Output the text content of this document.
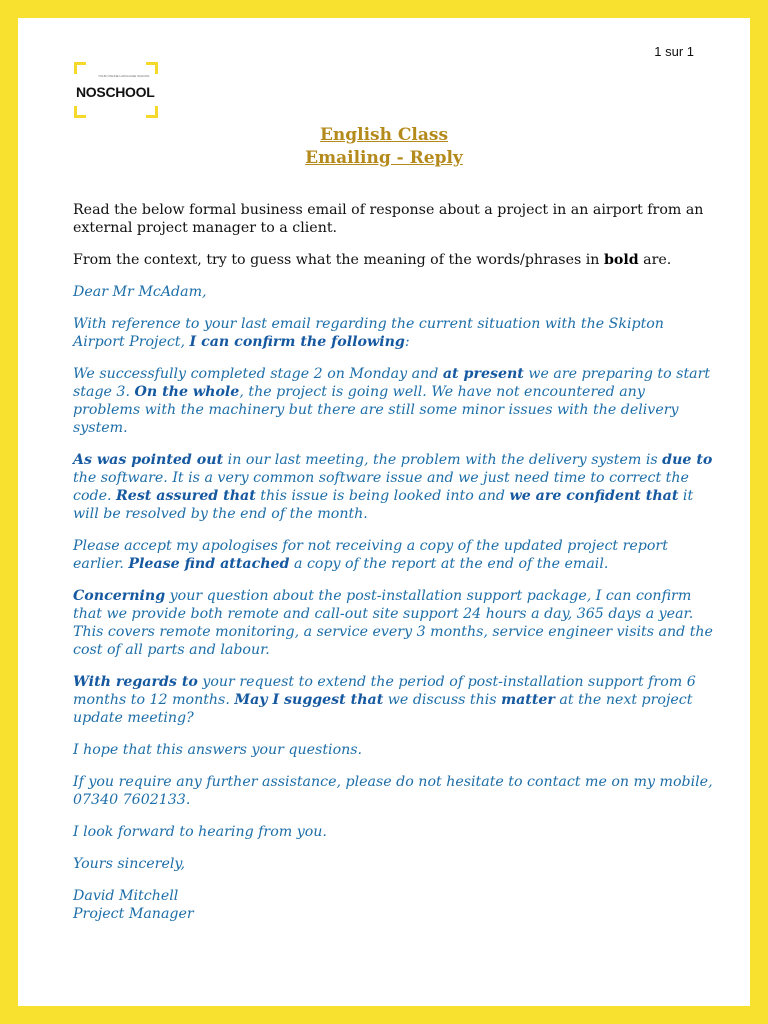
1 sur 1
YOUR ONLINE LANGUAGE SCHOOL
NOSCHOOL
English Class
Emailing - Reply

Read the below formal business email of response about a project in an airport from an external project manager to a client.

From the context, try to guess what the meaning of the words/phrases in bold are.

Dear Mr McAdam,

With reference to your last email regarding the current situation with the Skipton Airport Project, I can confirm the following:

We successfully completed stage 2 on Monday and at present we are preparing to start stage 3. On the whole, the project is going well. We have not encountered any problems with the machinery but there are still some minor issues with the delivery system.

As was pointed out in our last meeting, the problem with the delivery system is due to the software. It is a very common software issue and we just need time to correct the code. Rest assured that this issue is being looked into and we are confident that it will be resolved by the end of the month.

Please accept my apologises for not receiving a copy of the updated project report earlier. Please find attached a copy of the report at the end of the email.

Concerning your question about the post-installation support package, I can confirm that we provide both remote and call-out site support 24 hours a day, 365 days a year. This covers remote monitoring, a service every 3 months, service engineer visits and the cost of all parts and labour.

With regards to your request to extend the period of post-installation support from 6 months to 12 months. May I suggest that we discuss this matter at the next project update meeting?

I hope that this answers your questions.

If you require any further assistance, please do not hesitate to contact me on my mobile, 07340 7602133.

I look forward to hearing from you.

Yours sincerely,

David Mitchell

Project Manager
